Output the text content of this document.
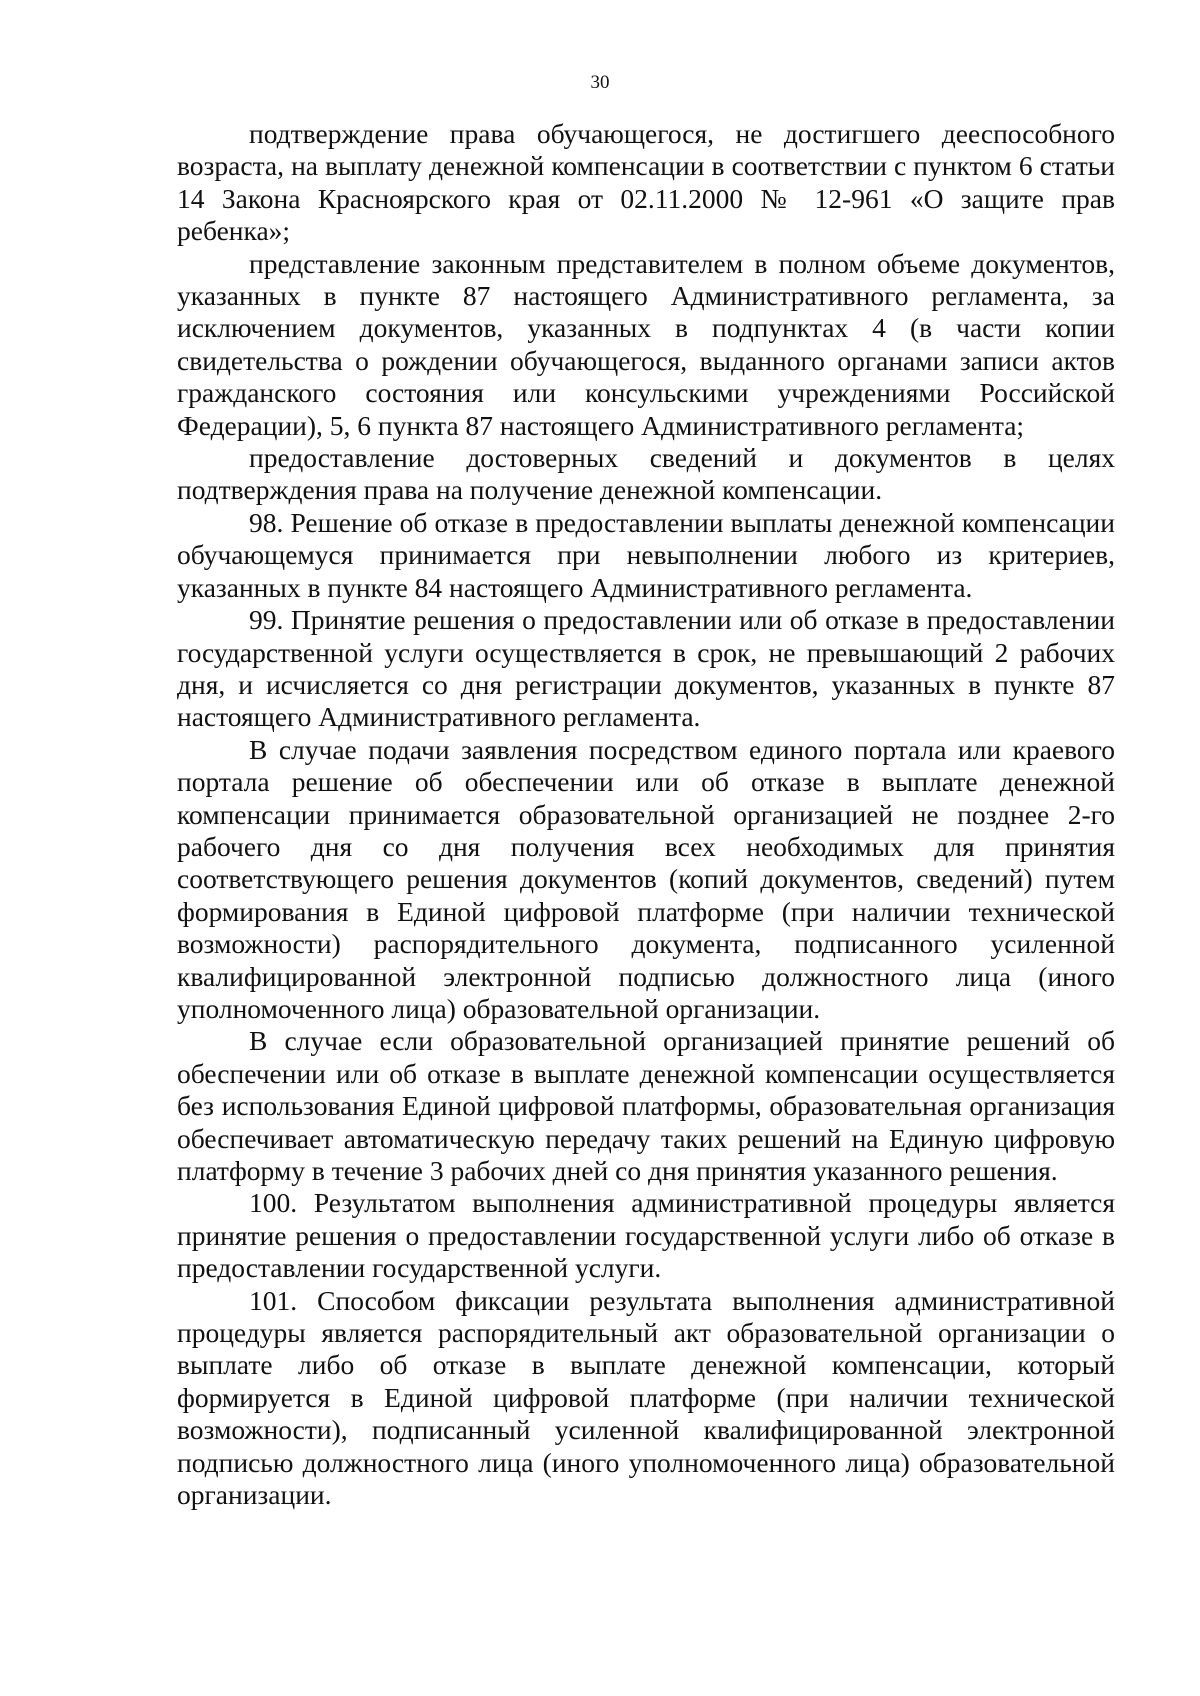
30

подтверждение права обучающегося, не достигшего дееспособного возраста, на выплату денежной компенсации в соответствии с пунктом 6 статьи 14 Закона Красноярского края от 02.11.2000 № 12-961 «О защите прав ребенка»;

представление законным представителем в полном объеме документов, указанных в пункте 87 настоящего Административного регламента, за исключением документов, указанных в подпунктах 4 (в части копии свидетельства о рождении обучающегося, выданного органами записи актов гражданского состояния или консульскими учреждениями Российской Федерации), 5, 6 пункта 87 настоящего Административного регламента;

предоставление достоверных сведений и документов в целях подтверждения права на получение денежной компенсации.

98. Решение об отказе в предоставлении выплаты денежной компенсации обучающемуся принимается при невыполнении любого из критериев, указанных в пункте 84 настоящего Административного регламента.

99. Принятие решения о предоставлении или об отказе в предоставлении государственной услуги осуществляется в срок, не превышающий 2 рабочих дня, и исчисляется со дня регистрации документов, указанных в пункте 87 настоящего Административного регламента.

В случае подачи заявления посредством единого портала или краевого портала решение об обеспечении или об отказе в выплате денежной компенсации принимается образовательной организацией не позднее 2-го рабочего дня со дня получения всех необходимых для принятия соответствующего решения документов (копий документов, сведений) путем формирования в Единой цифровой платформе (при наличии технической возможности) распорядительного документа, подписанного усиленной квалифицированной электронной подписью должностного лица (иного уполномоченного лица) образовательной организации.

В случае если образовательной организацией принятие решений об обеспечении или об отказе в выплате денежной компенсации осуществляется без использования Единой цифровой платформы, образовательная организация обеспечивает автоматическую передачу таких решений на Единую цифровую платформу в течение 3 рабочих дней со дня принятия указанного решения.

100. Результатом выполнения административной процедуры является принятие решения о предоставлении государственной услуги либо об отказе в предоставлении государственной услуги.

101. Способом фиксации результата выполнения административной процедуры является распорядительный акт образовательной организации о выплате либо об отказе в выплате денежной компенсации, который формируется в Единой цифровой платформе (при наличии технической возможности), подписанный усиленной квалифицированной электронной подписью должностного лица (иного уполномоченного лица) образовательной организации.
